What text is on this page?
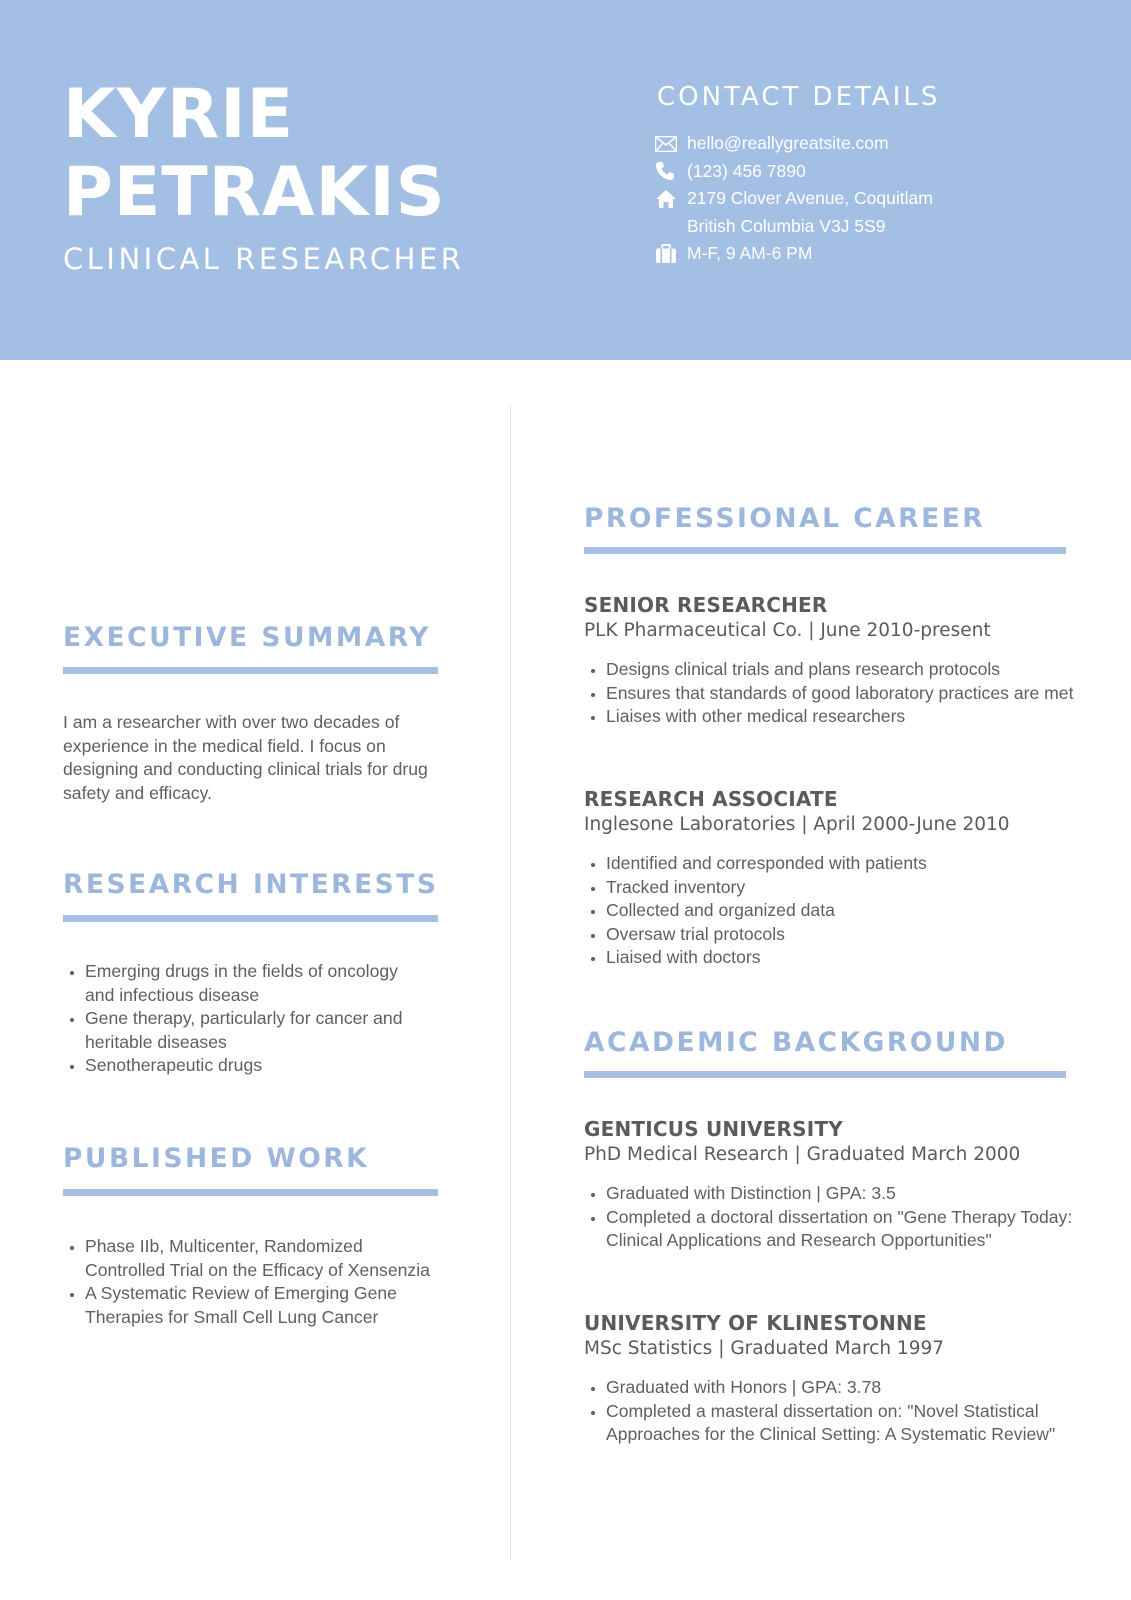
KYRIE
PETRAKIS
CLINICAL RESEARCHER
CONTACT DETAILS
hello@reallygreatsite.com
(123) 456 7890
2179 Clover Avenue, Coquitlam
British Columbia V3J 5S9
M-F, 9 AM-6 PM
EXECUTIVE SUMMARY

I am a researcher with over two decades of experience in the medical field. I focus on designing and conducting clinical trials for drug safety and efficacy.

RESEARCH INTERESTS
• Emerging drugs in the fields of oncology and infectious disease
• Gene therapy, particularly for cancer and heritable diseases
• Senotherapeutic drugs
PUBLISHED WORK
• Phase IIb, Multicenter, Randomized Controlled Trial on the Efficacy of Xensenzia
• A Systematic Review of Emerging Gene Therapies for Small Cell Lung Cancer
PROFESSIONAL CAREER
SENIOR RESEARCHER
PLK Pharmaceutical Co. | June 2010-present
• Designs clinical trials and plans research protocols
• Ensures that standards of good laboratory practices are met
• Liaises with other medical researchers
RESEARCH ASSOCIATE
Inglesone Laboratories | April 2000-June 2010
• Identified and corresponded with patients
• Tracked inventory
• Collected and organized data
• Oversaw trial protocols
• Liaised with doctors
ACADEMIC BACKGROUND
GENTICUS UNIVERSITY
PhD Medical Research | Graduated March 2000
• Graduated with Distinction | GPA: 3.5
• Completed a doctoral dissertation on "Gene Therapy Today: Clinical Applications and Research Opportunities"
UNIVERSITY OF KLINESTONNE
MSc Statistics | Graduated March 1997
• Graduated with Honors | GPA: 3.78
• Completed a masteral dissertation on: "Novel Statistical Approaches for the Clinical Setting: A Systematic Review"
